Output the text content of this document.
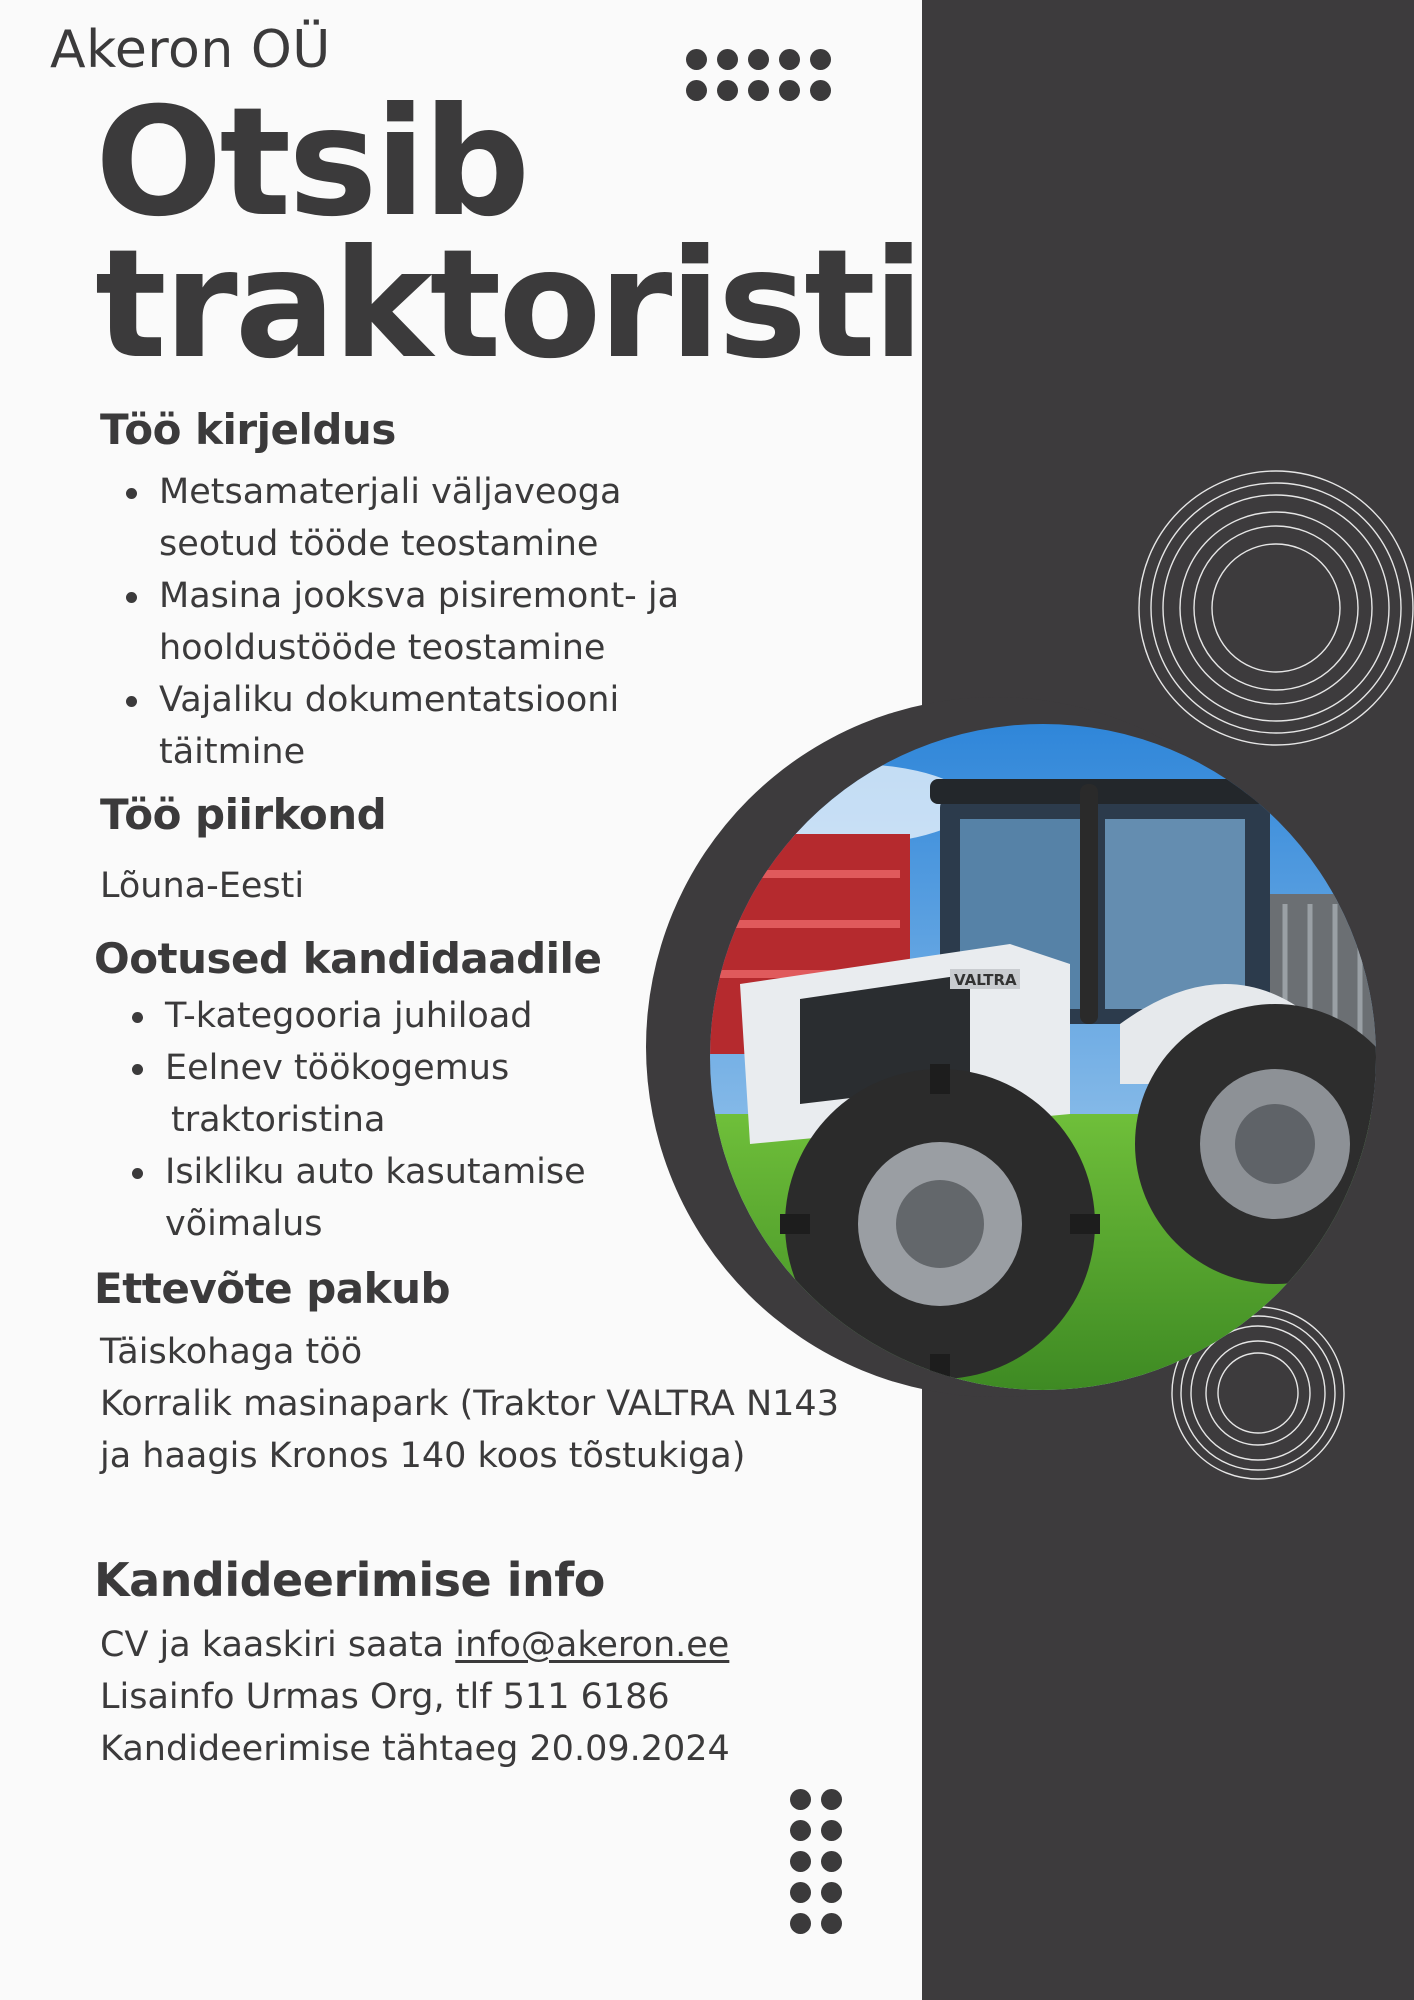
Akeron OÜ
Otsib
traktoristi
Töö kirjeldus
Metsamaterjali väljaveoga
seotud tööde teostamine
Masina jooksva pisiremont- ja
hooldustööde teostamine
Vajaliku dokumentatsiooni
täitmine
Töö piirkond
Lõuna-Eesti
Ootused kandidaadile
T-kategooria juhiload
Eelnev töökogemus
traktoristina
Isikliku auto kasutamise
võimalus
Ettevõte pakub
Täiskohaga töö
Korralik masinapark (Traktor VALTRA N143
ja haagis Kronos 140 koos tõstukiga)
Kandideerimise info
CV ja kaaskiri saata info@akeron.ee
Lisainfo Urmas Org, tlf 511 6186
Kandideerimise tähtaeg 20.09.2024
VALTRA
